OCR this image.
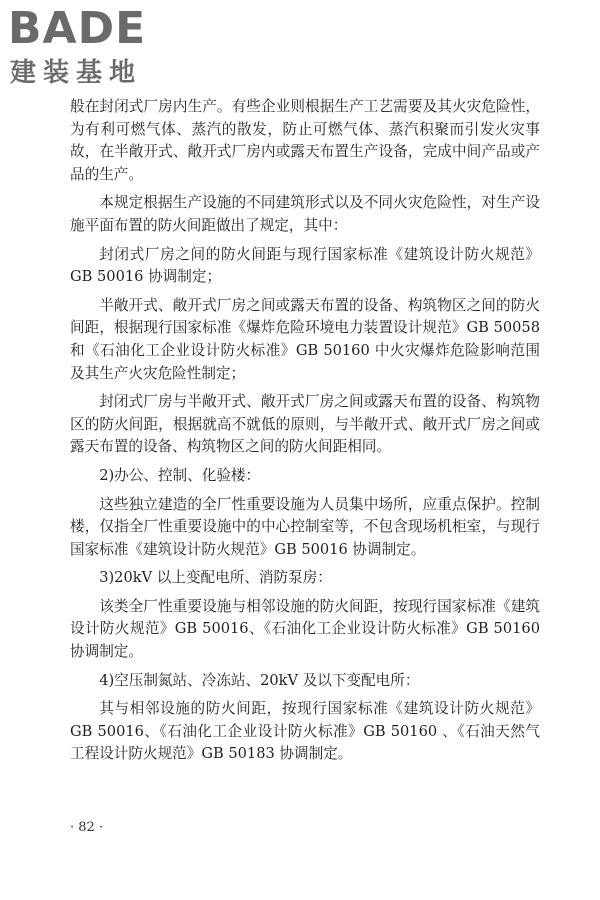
BADE
建装基地

般在封闭式厂房内生产。有些企业则根据生产工艺需要及其火灾危险性，为有利可燃气体、蒸汽的散发，防止可燃气体、蒸汽积聚而引发火灾事故，在半敞开式、敞开式厂房内或露天布置生产设备，完成中间产品或产品的生产。

本规定根据生产设施的不同建筑形式以及不同火灾危险性，对生产设施平面布置的防火间距做出了规定，其中：

封闭式厂房之间的防火间距与现行国家标准《建筑设计防火规范》GB 50016 协调制定；

半敞开式、敞开式厂房之间或露天布置的设备、构筑物区之间的防火间距，根据现行国家标准《爆炸危险环境电力装置设计规范》GB 50058 和《石油化工企业设计防火标准》GB 50160 中火灾爆炸危险影响范围及其生产火灾危险性制定；

封闭式厂房与半敞开式、敞开式厂房之间或露天布置的设备、构筑物区的防火间距，根据就高不就低的原则，与半敞开式、敞开式厂房之间或露天布置的设备、构筑物区之间的防火间距相同。

2)办公、控制、化验楼：

这些独立建造的全厂性重要设施为人员集中场所，应重点保护。控制楼，仅指全厂性重要设施中的中心控制室等，不包含现场机柜室，与现行国家标准《建筑设计防火规范》GB 50016 协调制定。

3)20kV 以上变配电所、消防泵房：

该类全厂性重要设施与相邻设施的防火间距，按现行国家标准《建筑设计防火规范》GB 50016、《石油化工企业设计防火标准》GB 50160 协调制定。

4)空压制氮站、冷冻站、20kV 及以下变配电所：

其与相邻设施的防火间距，按现行国家标准《建筑设计防火规范》GB 50016、《石油化工企业设计防火标准》GB 50160 、《石油天然气工程设计防火规范》GB 50183 协调制定。

· 82 ·
